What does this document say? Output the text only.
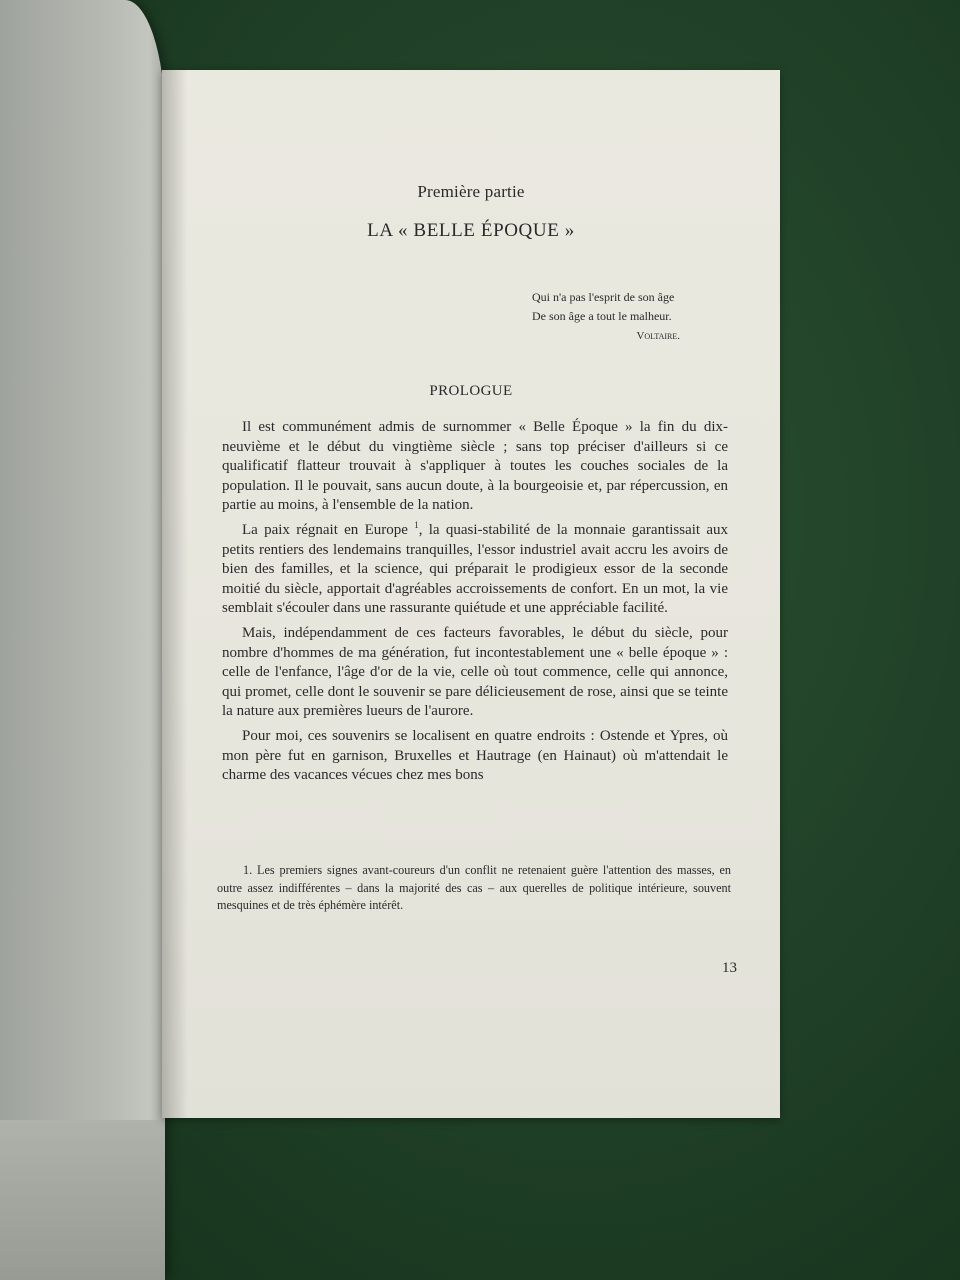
Première partie
LA « BELLE ÉPOQUE »
Qui n'a pas l'esprit de son âge
De son âge a tout le malheur.
Voltaire.
PROLOGUE

Il est communément admis de surnommer « Belle Époque » la fin du dix-neuvième et le début du vingtième siècle ; sans top préciser d'ailleurs si ce qualificatif flatteur trouvait à s'appliquer à toutes les couches sociales de la population. Il le pouvait, sans aucun doute, à la bourgeoisie et, par répercussion, en partie au moins, à l'ensemble de la nation.

La paix régnait en Europe $^1$, la quasi-stabilité de la monnaie garantissait aux petits rentiers des lendemains tranquilles, l'essor industriel avait accru les avoirs de bien des familles, et la science, qui préparait le prodigieux essor de la seconde moitié du siècle, apportait d'agréables accroissements de confort. En un mot, la vie semblait s'écouler dans une rassurante quiétude et une appréciable facilité.

Mais, indépendamment de ces facteurs favorables, le début du siècle, pour nombre d'hommes de ma génération, fut incontestablement une « belle époque » : celle de l'enfance, l'âge d'or de la vie, celle où tout commence, celle qui annonce, qui promet, celle dont le souvenir se pare délicieusement de rose, ainsi que se teinte la nature aux premières lueurs de l'aurore.

Pour moi, ces souvenirs se localisent en quatre endroits : Ostende et Ypres, où mon père fut en garnison, Bruxelles et Hautrage (en Hainaut) où m'attendait le charme des vacances vécues chez mes bons

1. Les premiers signes avant-coureurs d'un conflit ne retenaient guère l'attention des masses, en outre assez indifférentes – dans la majorité des cas – aux querelles de politique intérieure, souvent mesquines et de très éphémère intérêt.

13
